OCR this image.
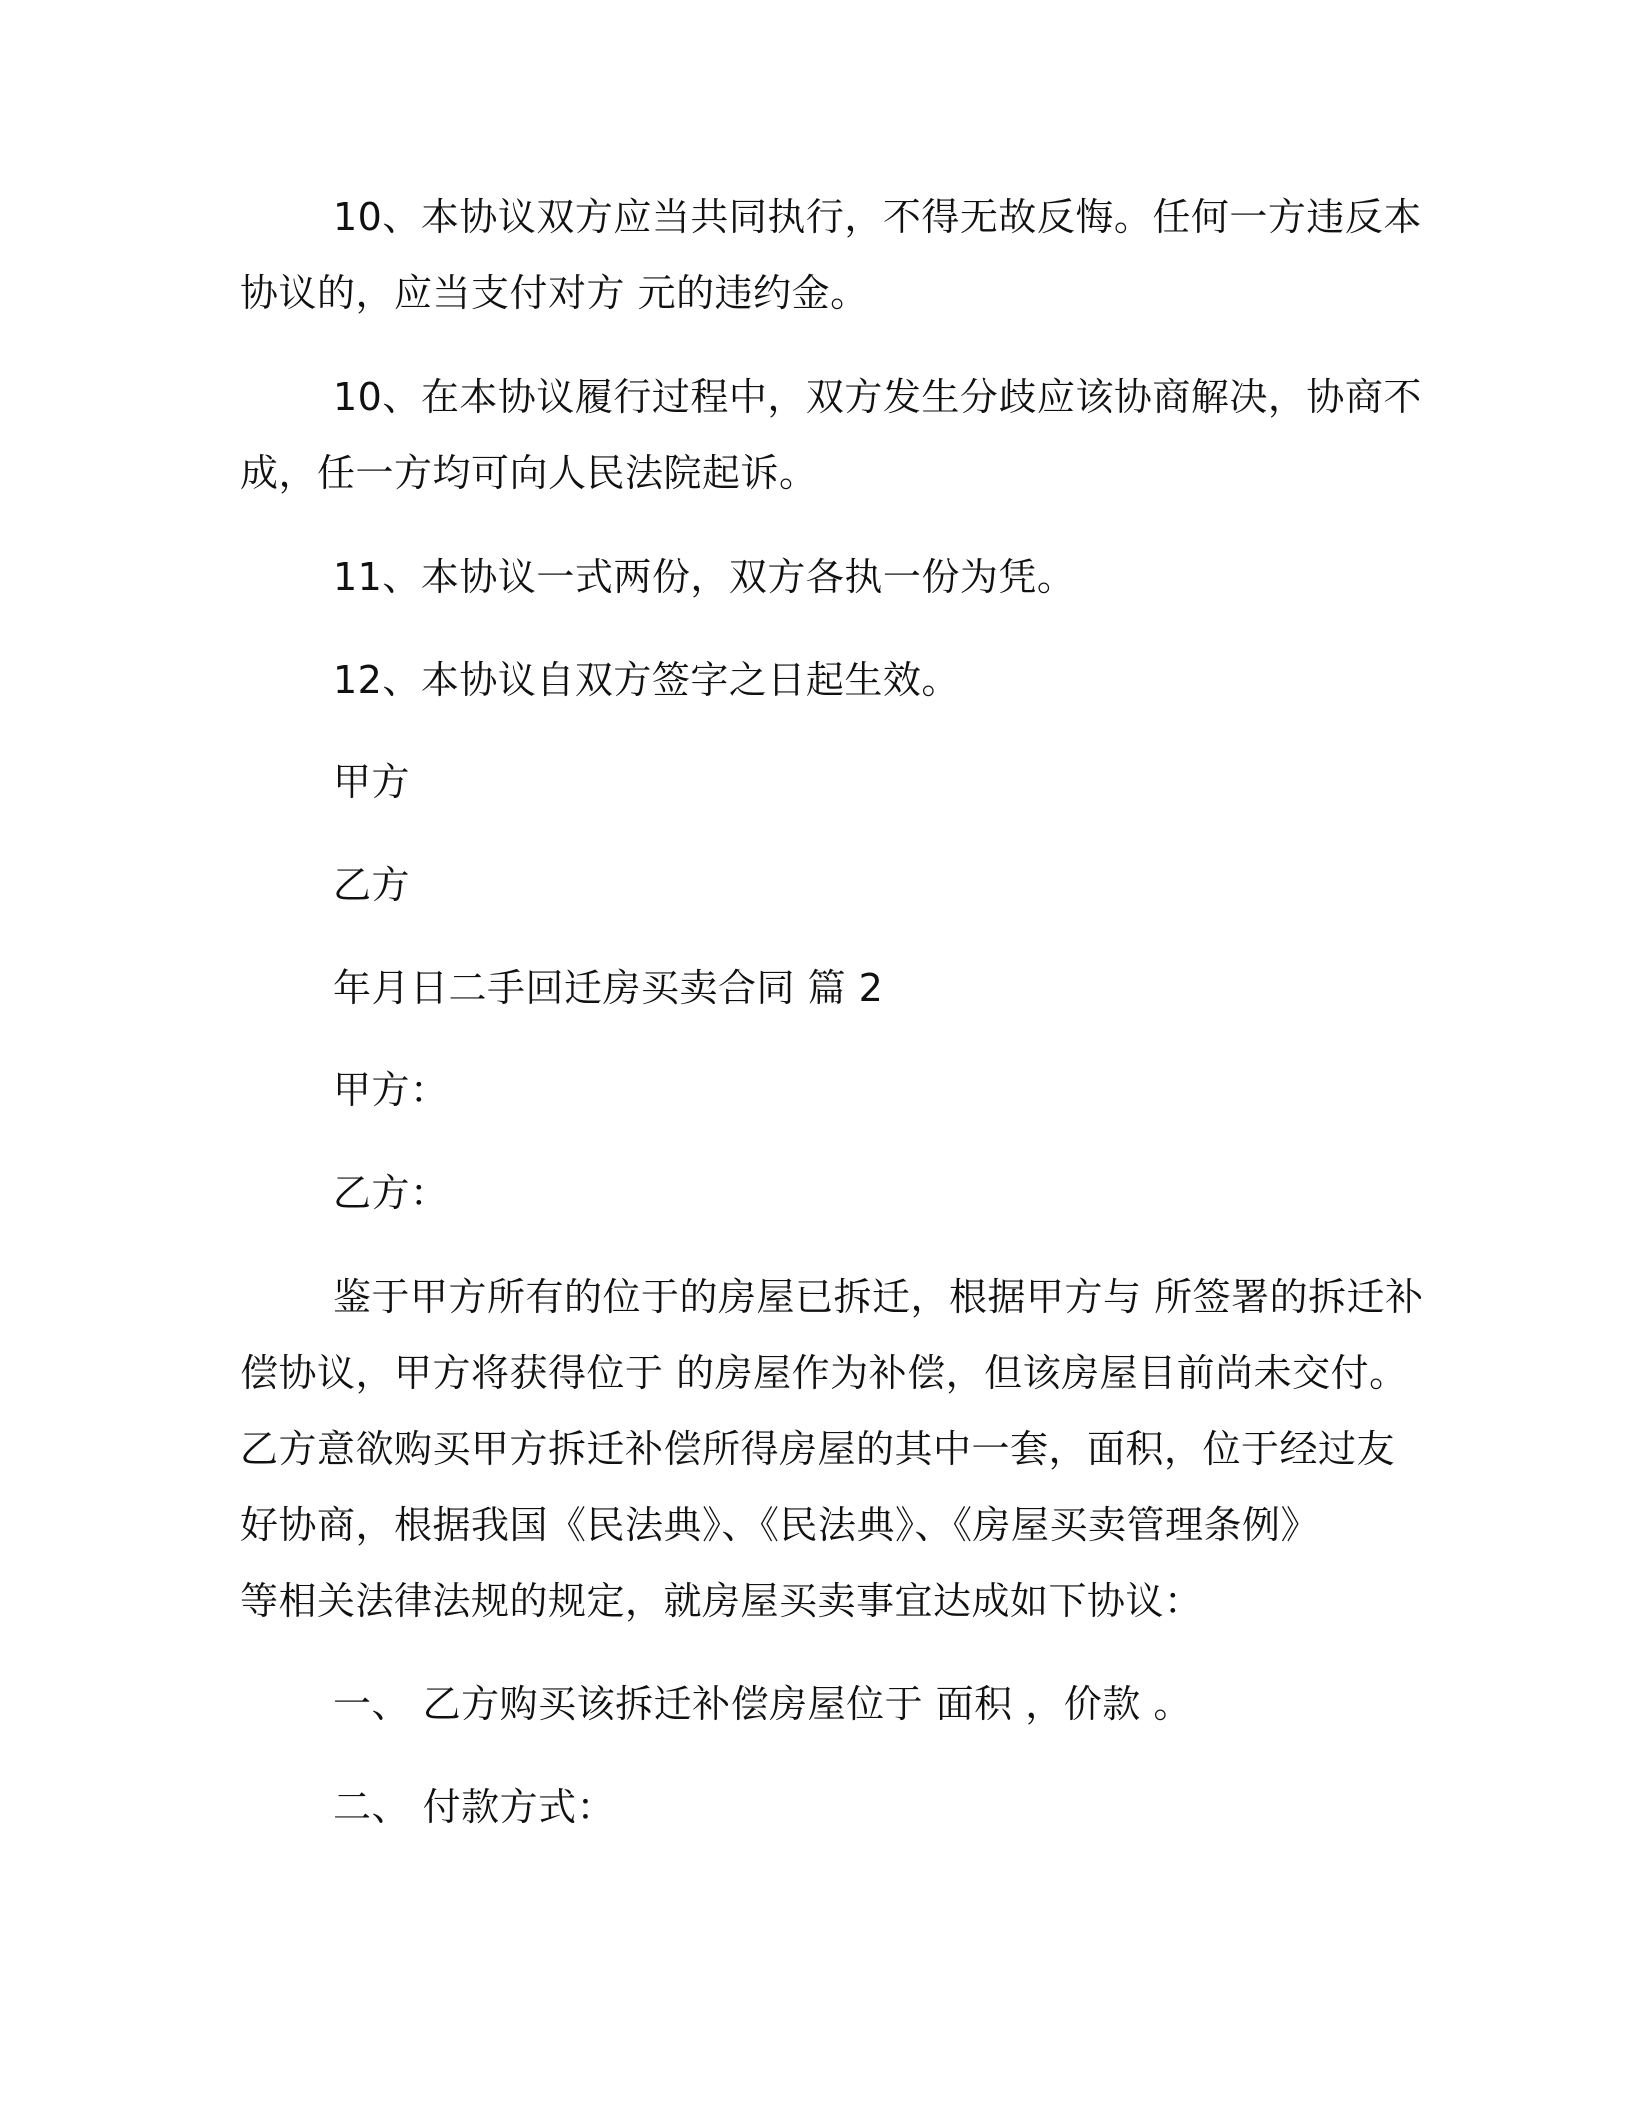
10、本协议双方应当共同执行，不得无故反悔。任何一方违反本
协议的，应当支付对方 元的违约金。
10、在本协议履行过程中，双方发生分歧应该协商解决，协商不
成，任一方均可向人民法院起诉。
11、本协议一式两份，双方各执一份为凭。
12、本协议自双方签字之日起生效。
甲方
乙方
年月日二手回迁房买卖合同 篇 2
甲方：
乙方：
鉴于甲方所有的位于的房屋已拆迁，根据甲方与 所签署的拆迁补
偿协议，甲方将获得位于 的房屋作为补偿，但该房屋目前尚未交付。
乙方意欲购买甲方拆迁补偿所得房屋的其中一套，面积，位于经过友
好协商，根据我国《民法典》、《民法典》、《房屋买卖管理条例》
等相关法律法规的规定，就房屋买卖事宜达成如下协议：
一、 乙方购买该拆迁补偿房屋位于 面积 ，价款 。
二、 付款方式：
